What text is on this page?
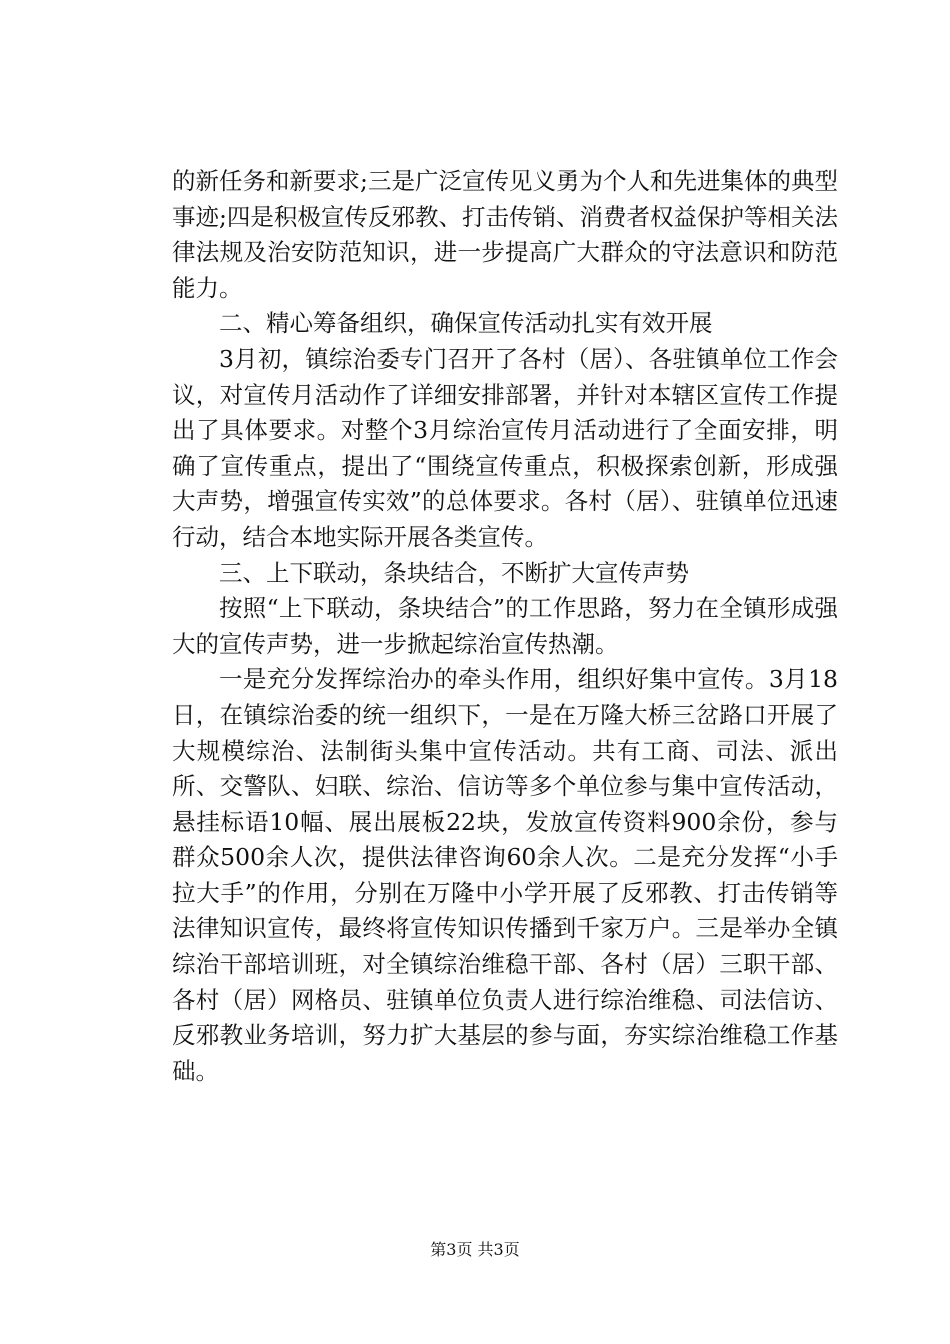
的新任务和新要求;三是广泛宣传见义勇为个人和先进集体的典型事迹;四是积极宣传反邪教、打击传销、消费者权益保护等相关法律法规及治安防范知识，进一步提高广大群众的守法意识和防范能力。

二、精心筹备组织，确保宣传活动扎实有效开展

3月初，镇综治委专门召开了各村（居）、各驻镇单位工作会议，对宣传月活动作了详细安排部署，并针对本辖区宣传工作提出了具体要求。对整个3月综治宣传月活动进行了全面安排，明确了宣传重点，提出了“围绕宣传重点，积极探索创新，形成强大声势，增强宣传实效”的总体要求。各村（居）、驻镇单位迅速行动，结合本地实际开展各类宣传。

三、上下联动，条块结合，不断扩大宣传声势

按照“上下联动，条块结合”的工作思路，努力在全镇形成强大的宣传声势，进一步掀起综治宣传热潮。

一是充分发挥综治办的牵头作用，组织好集中宣传。3月18日，在镇综治委的统一组织下，一是在万隆大桥三岔路口开展了大规模综治、法制街头集中宣传活动。共有工商、司法、派出所、交警队、妇联、综治、信访等多个单位参与集中宣传活动，悬挂标语10幅、展出展板22块，发放宣传资料900余份，参与群众500余人次，提供法律咨询60余人次。二是充分发挥“小手拉大手”的作用，分别在万隆中小学开展了反邪教、打击传销等法律知识宣传，最终将宣传知识传播到千家万户。三是举办全镇综治干部培训班，对全镇综治维稳干部、各村（居）三职干部、各村（居）网格员、驻镇单位负责人进行综治维稳、司法信访、反邪教业务培训，努力扩大基层的参与面，夯实综治维稳工作基础。

第3页 共3页
